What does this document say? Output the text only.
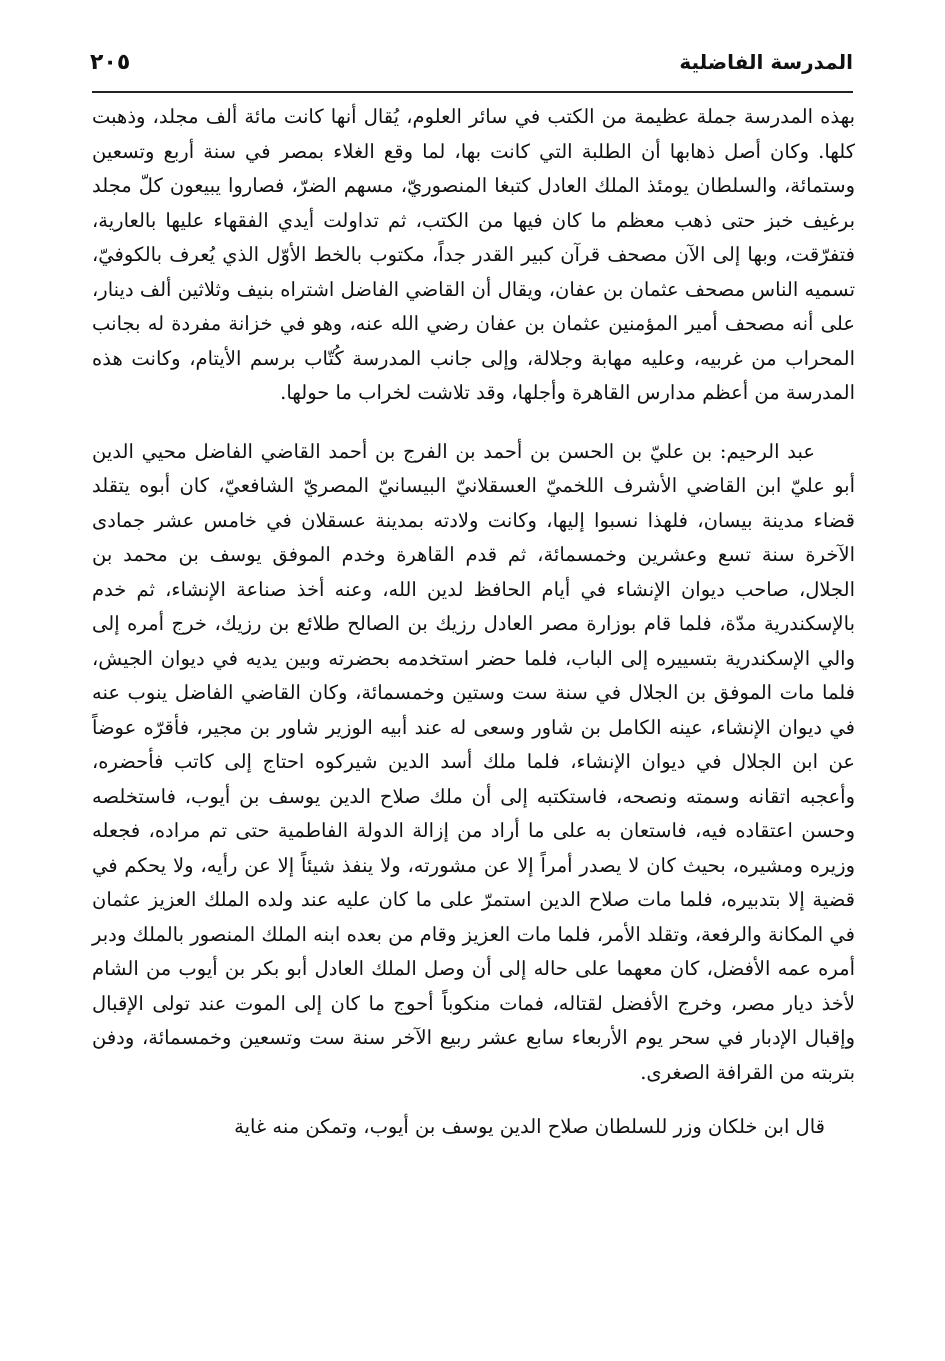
المدرسة الفاضلية
٢٠٥

بهذه المدرسة جملة عظيمة من الكتب في سائر العلوم، يُقال أنها كانت مائة ألف مجلد، وذهبت كلها. وكان أصل ذهابها أن الطلبة التي كانت بها، لما وقع الغلاء بمصر في سنة أربع وتسعين وستمائة، والسلطان يومئذ الملك العادل كتبغا المنصوريّ، مسهم الضرّ، فصاروا يبيعون كلّ مجلد برغيف خبز حتى ذهب معظم ما كان فيها من الكتب، ثم تداولت أيدي الفقهاء عليها بالعارية، فتفرّقت، وبها إلى الآن مصحف قرآن كبير القدر جداً، مكتوب بالخط الأوّل الذي يُعرف بالكوفيّ، تسميه الناس مصحف عثمان بن عفان، ويقال أن القاضي الفاضل اشتراه بنيف وثلاثين ألف دينار، على أنه مصحف أمير المؤمنين عثمان بن عفان رضي الله عنه، وهو في خزانة مفردة له بجانب المحراب من غربيه، وعليه مهابة وجلالة، وإلى جانب المدرسة كُتّاب برسم الأيتام، وكانت هذه المدرسة من أعظم مدارس القاهرة وأجلها، وقد تلاشت لخراب ما حولها.

عبد الرحيم: بن عليّ بن الحسن بن أحمد بن الفرج بن أحمد القاضي الفاضل محيي الدين أبو عليّ ابن القاضي الأشرف اللخميّ العسقلانيّ البيسانيّ المصريّ الشافعيّ، كان أبوه يتقلد قضاء مدينة بيسان، فلهذا نسبوا إليها، وكانت ولادته بمدينة عسقلان في خامس عشر جمادى الآخرة سنة تسع وعشرين وخمسمائة، ثم قدم القاهرة وخدم الموفق يوسف بن محمد بن الجلال، صاحب ديوان الإنشاء في أيام الحافظ لدين الله، وعنه أخذ صناعة الإنشاء، ثم خدم بالإسكندرية مدّة، فلما قام بوزارة مصر العادل رزيك بن الصالح طلائع بن رزيك، خرج أمره إلى والي الإسكندرية بتسييره إلى الباب، فلما حضر استخدمه بحضرته وبين يديه في ديوان الجيش، فلما مات الموفق بن الجلال في سنة ست وستين وخمسمائة، وكان القاضي الفاضل ينوب عنه في ديوان الإنشاء، عينه الكامل بن شاور وسعى له عند أبيه الوزير شاور بن مجير، فأقرّه عوضاً عن ابن الجلال في ديوان الإنشاء، فلما ملك أسد الدين شيركوه احتاج إلى كاتب فأحضره، وأعجبه اتقانه وسمته ونصحه، فاستكتبه إلى أن ملك صلاح الدين يوسف بن أيوب، فاستخلصه وحسن اعتقاده فيه، فاستعان به على ما أراد من إزالة الدولة الفاطمية حتى تم مراده، فجعله وزيره ومشيره، بحيث كان لا يصدر أمراً إلا عن مشورته، ولا ينفذ شيئاً إلا عن رأيه، ولا يحكم في قضية إلا بتدبيره، فلما مات صلاح الدين استمرّ على ما كان عليه عند ولده الملك العزيز عثمان في المكانة والرفعة، وتقلد الأمر، فلما مات العزيز وقام من بعده ابنه الملك المنصور بالملك ودبر أمره عمه الأفضل، كان معهما على حاله إلى أن وصل الملك العادل أبو بكر بن أيوب من الشام لأخذ ديار مصر، وخرج الأفضل لقتاله، فمات منكوباً أحوج ما كان إلى الموت عند تولى الإقبال وإقبال الإدبار في سحر يوم الأربعاء سابع عشر ربيع الآخر سنة ست وتسعين وخمسمائة، ودفن بتربته من القرافة الصغرى.

قال ابن خلكان وزر للسلطان صلاح الدين يوسف بن أيوب، وتمكن منه غاية
